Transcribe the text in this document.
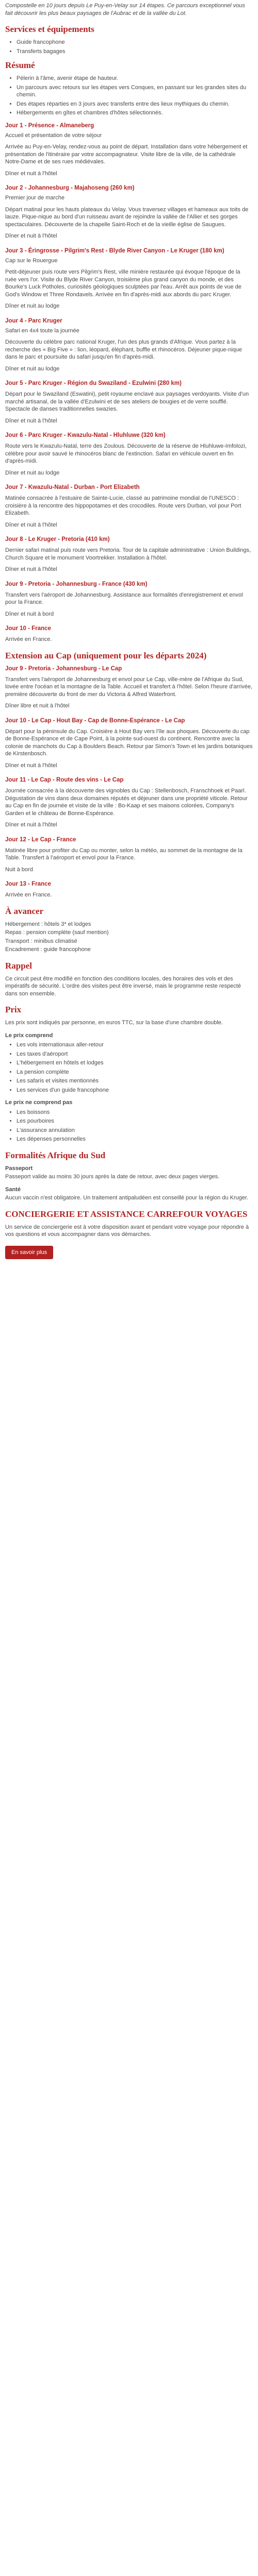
Compostelle en 10 jours depuis Le Puy-en-Velay sur 14 étapes. Ce parcours exceptionnel vous fait découvrir les plus beaux paysages de l'Aubrac et de la vallée du Lot.

Services et équipements
• Guide francophone
• Transferts bagages
Résumé
• Pèlerin à l'âme, avenir étape de hauteur.
• Un parcours avec retours sur les étapes vers Conques, en passant sur les grandes sites du chemin.
• Des étapes réparties en 3 jours avec transferts entre des lieux mythiques du chemin.
• Hébergements en gîtes et chambres d'hôtes sélectionnés.
Jour 1 - Présence - Almaneberg

Accueil et présentation de votre séjour

Arrivée au Puy-en-Velay, rendez-vous au point de départ. Installation dans votre hébergement et présentation de l'itinéraire par votre accompagnateur. Visite libre de la ville, de la cathédrale Notre-Dame et de ses rues médiévales.

Dîner et nuit à l'hôtel

Jour 2 - Johannesburg - Majahoseng (260 km)

Premier jour de marche

Départ matinal pour les hauts plateaux du Velay. Vous traversez villages et hameaux aux toits de lauze. Pique-nique au bord d'un ruisseau avant de rejoindre la vallée de l'Allier et ses gorges spectaculaires. Découverte de la chapelle Saint-Roch et de la vieille église de Saugues.

Dîner et nuit à l'hôtel

Jour 3 - Éringrosse - Pilgrim's Rest - Blyde River Canyon - Le Kruger (180 km)

Cap sur le Rouergue

Petit-déjeuner puis route vers Pilgrim's Rest, ville minière restaurée qui évoque l'époque de la ruée vers l'or. Visite du Blyde River Canyon, troisième plus grand canyon du monde, et des Bourke's Luck Potholes, curiosités géologiques sculptées par l'eau. Arrêt aux points de vue de God's Window et Three Rondavels. Arrivée en fin d'après-midi aux abords du parc Kruger.

Dîner et nuit au lodge

Jour 4 - Parc Kruger

Safari en 4x4 toute la journée

Découverte du célèbre parc national Kruger, l'un des plus grands d'Afrique. Vous partez à la recherche des « Big Five » : lion, léopard, éléphant, buffle et rhinocéros. Déjeuner pique-nique dans le parc et poursuite du safari jusqu'en fin d'après-midi.

Dîner et nuit au lodge

Jour 5 - Parc Kruger - Région du Swaziland - Ezulwini (280 km)

Départ pour le Swaziland (Eswatini), petit royaume enclavé aux paysages verdoyants. Visite d'un marché artisanal, de la vallée d'Ezulwini et de ses ateliers de bougies et de verre soufflé. Spectacle de danses traditionnelles swazies.

Dîner et nuit à l'hôtel

Jour 6 - Parc Kruger - Kwazulu-Natal - Hluhluwe (320 km)

Route vers le Kwazulu-Natal, terre des Zoulous. Découverte de la réserve de Hluhluwe-Imfolozi, célèbre pour avoir sauvé le rhinocéros blanc de l'extinction. Safari en véhicule ouvert en fin d'après-midi.

Dîner et nuit au lodge

Jour 7 - Kwazulu-Natal - Durban - Port Elizabeth

Matinée consacrée à l'estuaire de Sainte-Lucie, classé au patrimoine mondial de l'UNESCO : croisière à la rencontre des hippopotames et des crocodiles. Route vers Durban, vol pour Port Elizabeth.

Dîner et nuit à l'hôtel

Jour 8 - Le Kruger - Pretoria (410 km)

Dernier safari matinal puis route vers Pretoria. Tour de la capitale administrative : Union Buildings, Church Square et le monument Voortrekker. Installation à l'hôtel.

Dîner et nuit à l'hôtel

Jour 9 - Pretoria - Johannesburg - France (430 km)

Transfert vers l'aéroport de Johannesburg. Assistance aux formalités d'enregistrement et envol pour la France.

Dîner et nuit à bord

Jour 10 - France

Arrivée en France.

Extension au Cap (uniquement pour les départs 2024)
Jour 9 - Pretoria - Johannesburg - Le Cap

Transfert vers l'aéroport de Johannesburg et envol pour Le Cap, ville-mère de l'Afrique du Sud, lovée entre l'océan et la montagne de la Table. Accueil et transfert à l'hôtel. Selon l'heure d'arrivée, première découverte du front de mer du Victoria & Alfred Waterfront.

Dîner libre et nuit à l'hôtel

Jour 10 - Le Cap - Hout Bay - Cap de Bonne-Espérance - Le Cap

Départ pour la péninsule du Cap. Croisière à Hout Bay vers l'île aux phoques. Découverte du cap de Bonne-Espérance et de Cape Point, à la pointe sud-ouest du continent. Rencontre avec la colonie de manchots du Cap à Boulders Beach. Retour par Simon's Town et les jardins botaniques de Kirstenbosch.

Dîner et nuit à l'hôtel

Jour 11 - Le Cap - Route des vins - Le Cap

Journée consacrée à la découverte des vignobles du Cap : Stellenbosch, Franschhoek et Paarl. Dégustation de vins dans deux domaines réputés et déjeuner dans une propriété viticole. Retour au Cap en fin de journée et visite de la ville : Bo-Kaap et ses maisons colorées, Company's Garden et le château de Bonne-Espérance.

Dîner et nuit à l'hôtel

Jour 12 - Le Cap - France

Matinée libre pour profiter du Cap ou monter, selon la météo, au sommet de la montagne de la Table. Transfert à l'aéroport et envol pour la France.

Nuit à bord

Jour 13 - France

Arrivée en France.

À avancer

Hébergement : hôtels 3* et lodges

Repas : pension complète (sauf mention)

Transport : minibus climatisé

Encadrement : guide francophone

Rappel

Ce circuit peut être modifié en fonction des conditions locales, des horaires des vols et des impératifs de sécurité. L'ordre des visites peut être inversé, mais le programme reste respecté dans son ensemble.

Prix

Les prix sont indiqués par personne, en euros TTC, sur la base d'une chambre double.

Le prix comprend

• Les vols internationaux aller-retour
• Les taxes d'aéroport
• L'hébergement en hôtels et lodges
• La pension complète
• Les safaris et visites mentionnés
• Les services d'un guide francophone

Le prix ne comprend pas

• Les boissons
• Les pourboires
• L'assurance annulation
• Les dépenses personnelles
Formalités Afrique du Sud

Passeport

Passeport valide au moins 30 jours après la date de retour, avec deux pages vierges.

Santé

Aucun vaccin n'est obligatoire. Un traitement antipaludéen est conseillé pour la région du Kruger.

CONCIERGERIE ET ASSISTANCE CARREFOUR VOYAGES

Un service de conciergerie est à votre disposition avant et pendant votre voyage pour répondre à vos questions et vous accompagner dans vos démarches.

En savoir plus
